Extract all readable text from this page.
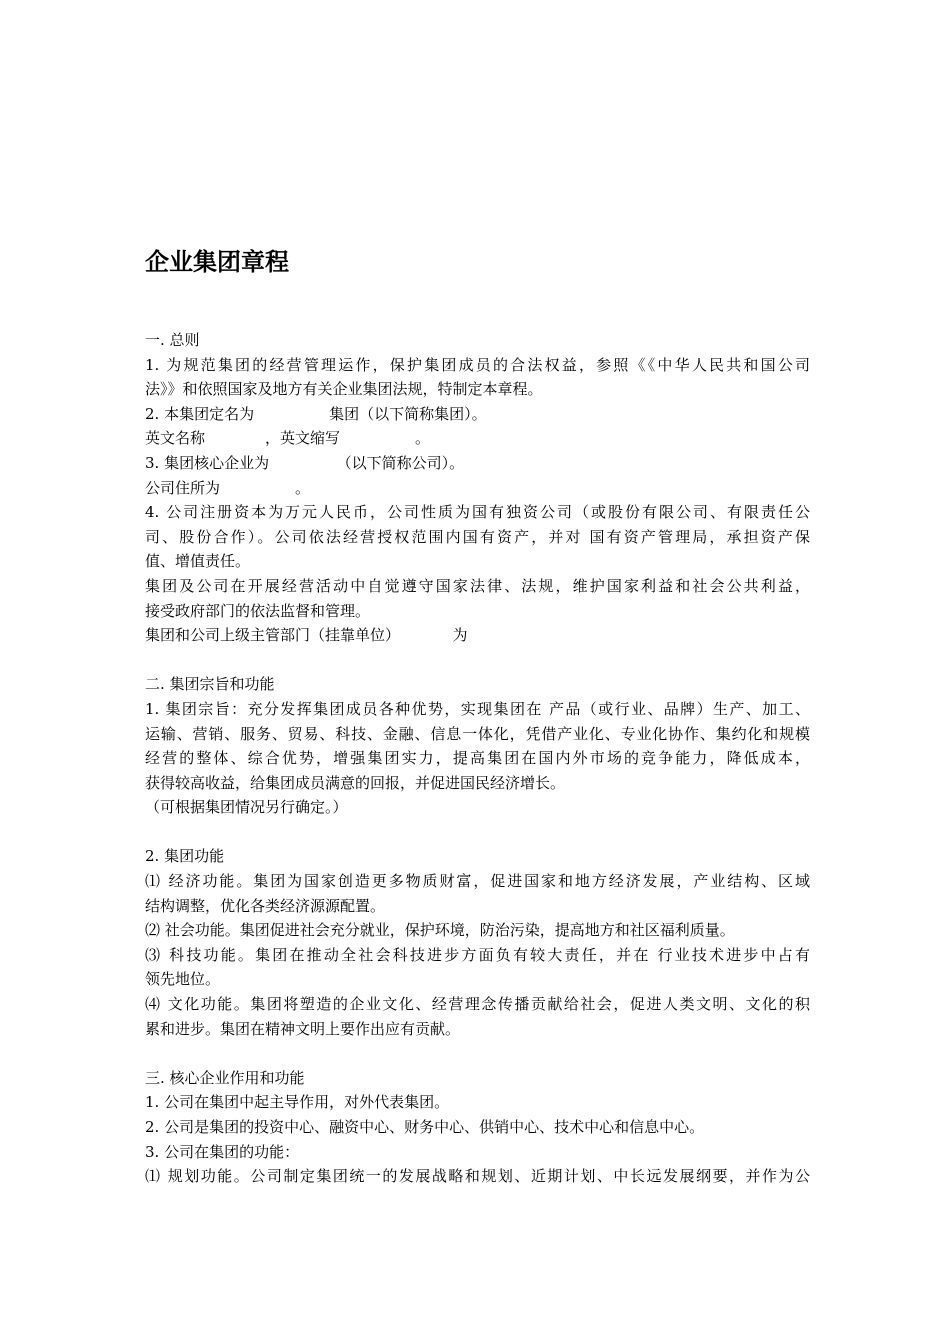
企业集团章程
一. 总则
1. 为规范集团的经营管理运作，保护集团成员的合法权益，参照《《中华人民共和国公司
法》》和依照国家及地方有关企业集团法规，特制定本章程。
2. 本集团定名为　　　　　集团（以下简称集团）。
英文名称　　　　，英文缩写　　　　　。
3. 集团核心企业为　　　　　（以下简称公司）。
公司住所为　　　　　。
4. 公司注册资本为万元人民币，公司性质为国有独资公司（或股份有限公司、有限责任公
司、股份合作）。公司依法经营授权范围内国有资产，并对 国有资产管理局，承担资产保
值、增值责任。
集团及公司在开展经营活动中自觉遵守国家法律、法规，维护国家利益和社会公共利益，
接受政府部门的依法监督和管理。
集团和公司上级主管部门（挂靠单位）　　　　为
二. 集团宗旨和功能
1. 集团宗旨：充分发挥集团成员各种优势，实现集团在 产品（或行业、品牌）生产、加工、
运输、营销、服务、贸易、科技、金融、信息一体化，凭借产业化、专业化协作、集约化和规模
经营的整体、综合优势，增强集团实力，提高集团在国内外市场的竞争能力，降低成本，
获得较高收益，给集团成员满意的回报，并促进国民经济增长。
（可根据集团情况另行确定。）
2. 集团功能
⑴ 经济功能。集团为国家创造更多物质财富，促进国家和地方经济发展，产业结构、区域
结构调整，优化各类经济源源配置。
⑵ 社会功能。集团促进社会充分就业，保护环境，防治污染，提高地方和社区福利质量。
⑶ 科技功能。集团在推动全社会科技进步方面负有较大责任，并在 行业技术进步中占有
领先地位。
⑷ 文化功能。集团将塑造的企业文化、经营理念传播贡献给社会，促进人类文明、文化的积
累和进步。集团在精神文明上要作出应有贡献。
三. 核心企业作用和功能
1. 公司在集团中起主导作用，对外代表集团。
2. 公司是集团的投资中心、融资中心、财务中心、供销中心、技术中心和信息中心。
3. 公司在集团的功能：
⑴ 规划功能。公司制定集团统一的发展战略和规划、近期计划、中长远发展纲要，并作为公
